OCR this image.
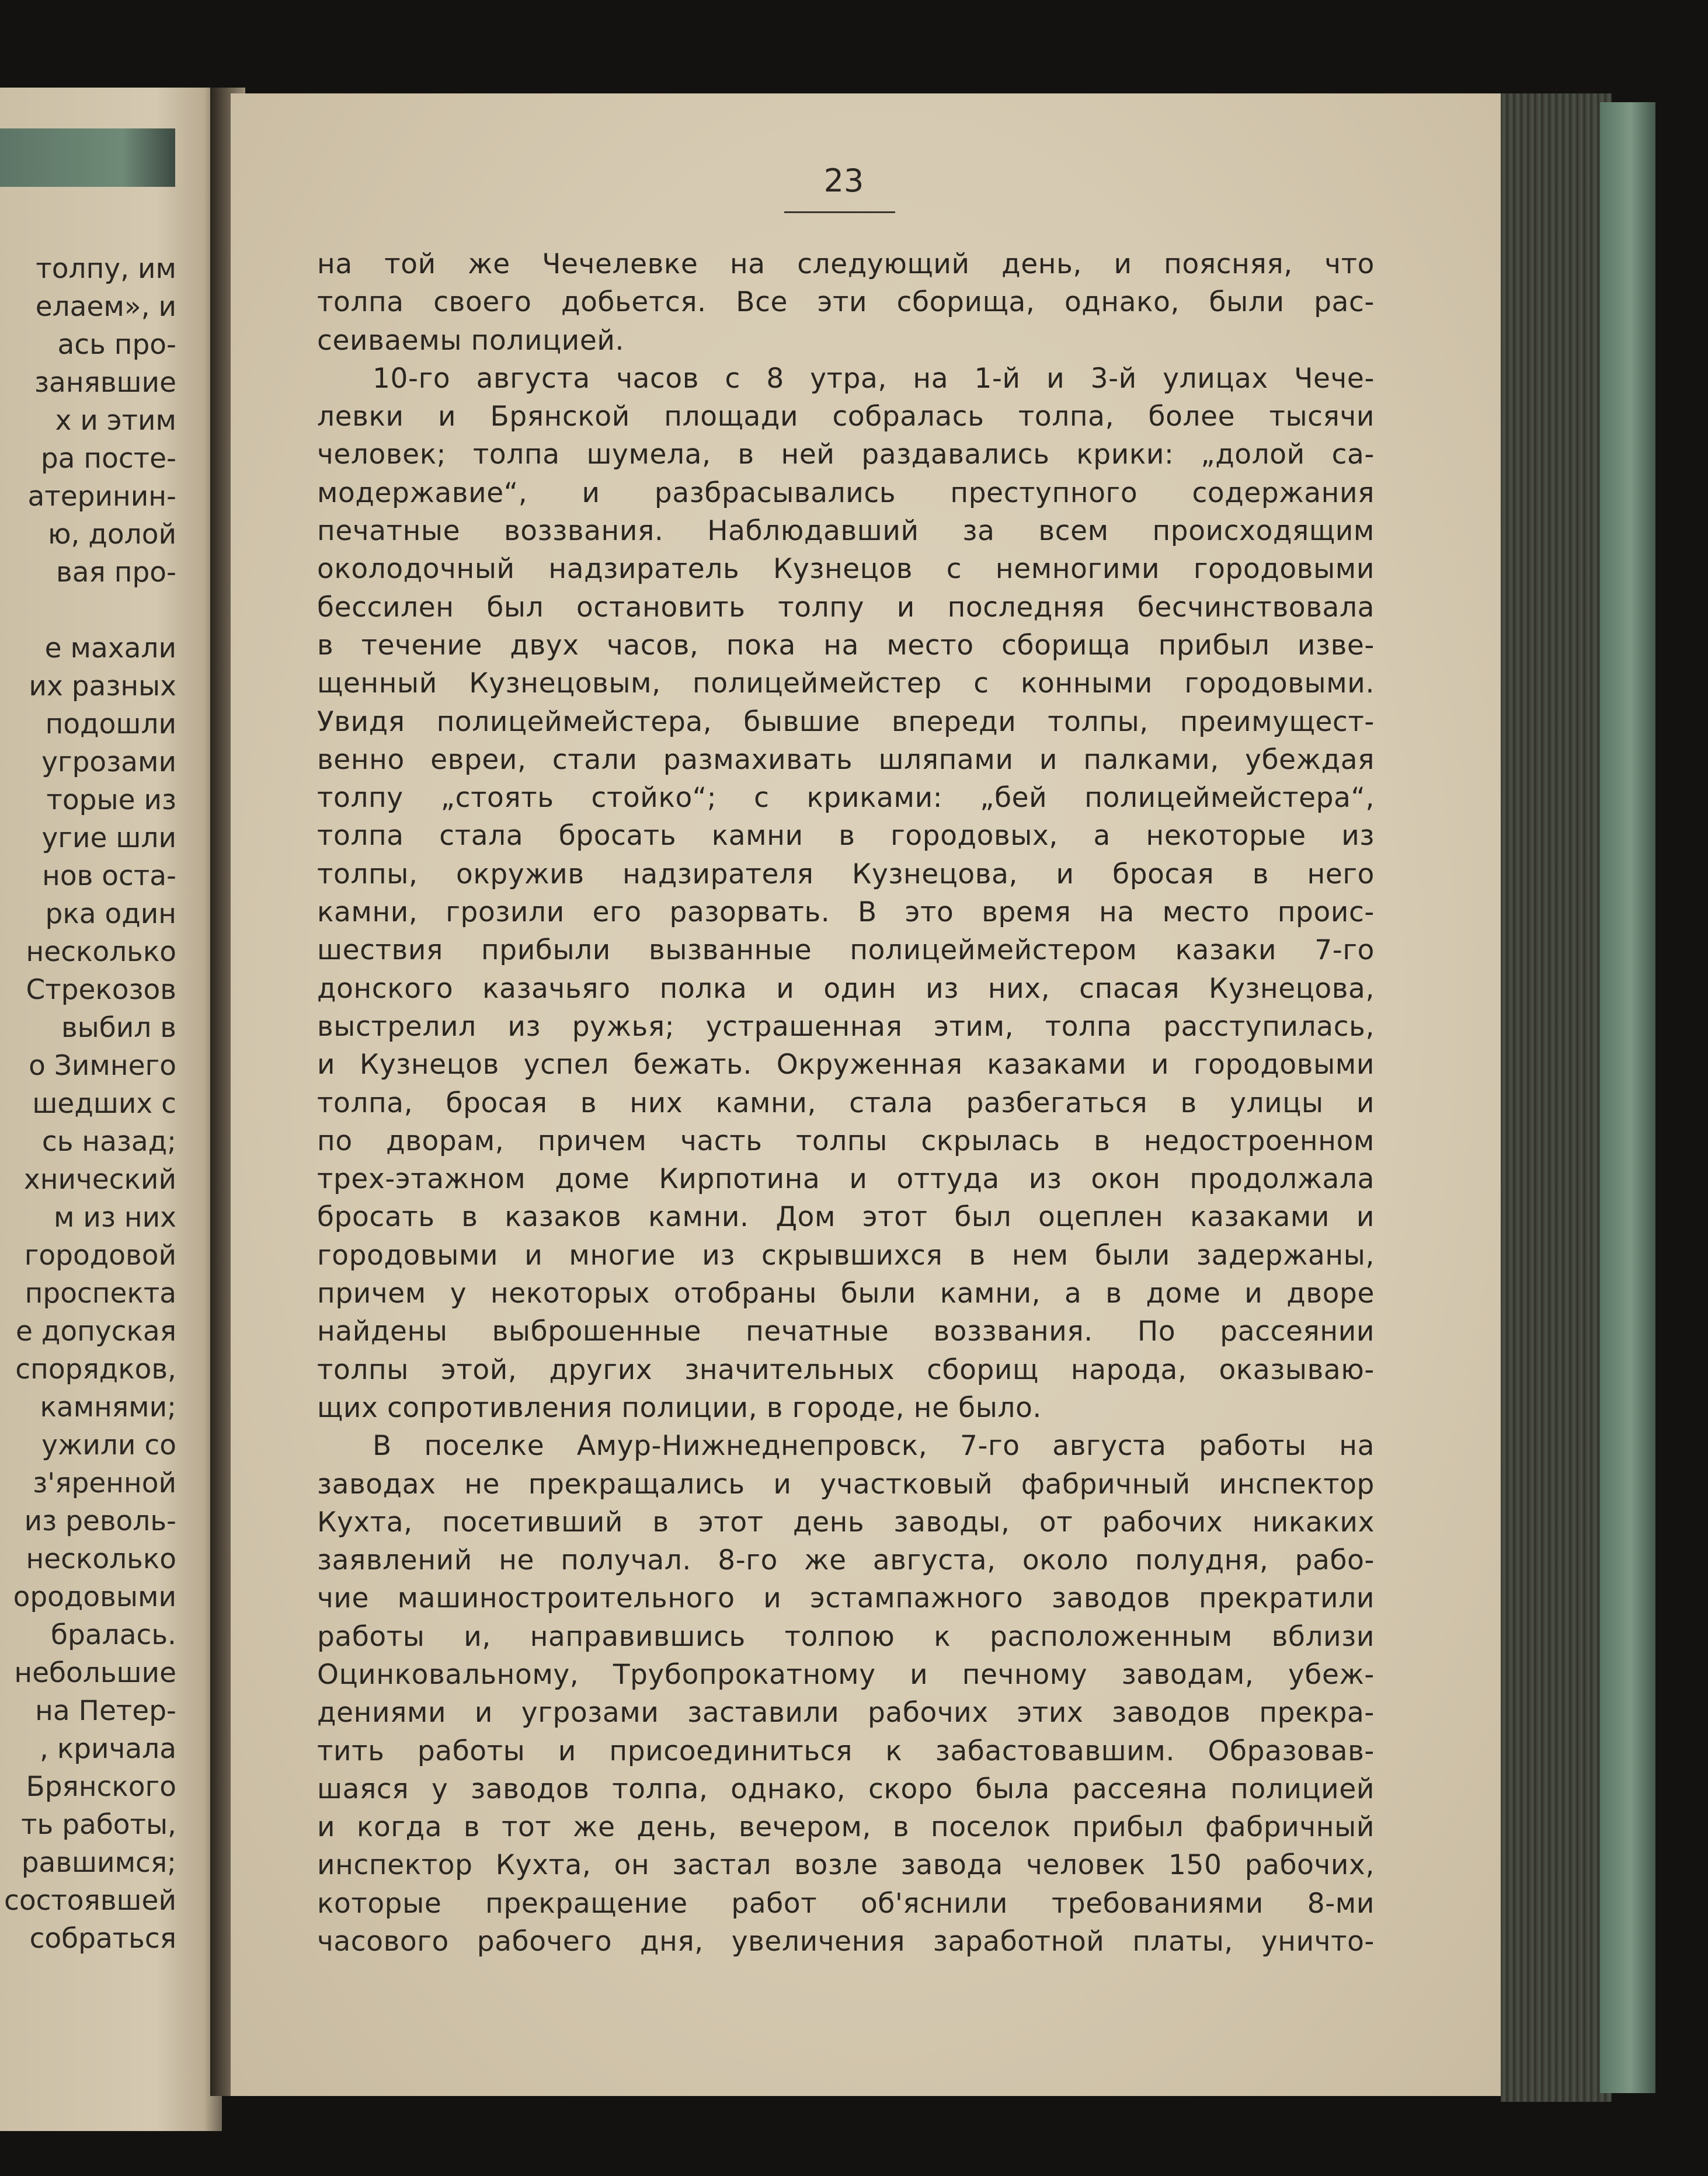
толпу, им
елаем», и
ась про-
занявшие
х и этим
ра посте-
атеринин-
ю, долой
вая про-
е махали
их разных
подошли
угрозами
торые из
угие шли
нов оста-
рка один
несколько
Стрекозов
выбил в
о Зимнего
шедших с
сь назад;
хнический
м из них
городовой
проспекта
е допуская
спорядков,
камнями;
ужили со
з'яренной
из револь-
несколько
ородовыми
бралась.
небольшие
на Петер-
, кричала
Брянского
ть работы,
равшимся;
состоявшей
собраться
23
на той же Чечелевке на следующий день, и поясняя, что
толпа своего добьется. Все эти сборища, однако, были рас-
сеиваемы полицией.
10-го августа часов с 8 утра, на 1-й и 3-й улицах Чече-
левки и Брянской площади собралась толпа, более тысячи
человек; толпа шумела, в ней раздавались крики: „долой са-
модержавие“, и разбрасывались преступного содержания
печатные воззвания. Наблюдавший за всем происходящим
околодочный надзиратель Кузнецов с немногими городовыми
бессилен был остановить толпу и последняя бесчинствовала
в течение двух часов, пока на место сборища прибыл изве-
щенный Кузнецовым, полицеймейстер с конными городовыми.
Увидя полицеймейстера, бывшие впереди толпы, преимущест-
венно евреи, стали размахивать шляпами и палками, убеждая
толпу „стоять стойко“; с криками: „бей полицеймейстера“,
толпа стала бросать камни в городовых, а некоторые из
толпы, окружив надзирателя Кузнецова, и бросая в него
камни, грозили его разорвать. В это время на место проис-
шествия прибыли вызванные полицеймейстером казаки 7-го
донского казачьяго полка и один из них, спасая Кузнецова,
выстрелил из ружья; устрашенная этим, толпа расступилась,
и Кузнецов успел бежать. Окруженная казаками и городовыми
толпа, бросая в них камни, стала разбегаться в улицы и
по дворам, причем часть толпы скрылась в недостроенном
трех-этажном доме Кирпотина и оттуда из окон продолжала
бросать в казаков камни. Дом этот был оцеплен казаками и
городовыми и многие из скрывшихся в нем были задержаны,
причем у некоторых отобраны были камни, а в доме и дворе
найдены выброшенные печатные воззвания. По рассеянии
толпы этой, других значительных сборищ народа, оказываю-
щих сопротивления полиции, в городе, не было.
В поселке Амур-Нижнеднепровск, 7-го августа работы на
заводах не прекращались и участковый фабричный инспектор
Кухта, посетивший в этот день заводы, от рабочих никаких
заявлений не получал. 8-го же августа, около полудня, рабо-
чие машиностроительного и эстампажного заводов прекратили
работы и, направившись толпою к расположенным вблизи
Оцинковальному, Трубопрокатному и печному заводам, убеж-
дениями и угрозами заставили рабочих этих заводов прекра-
тить работы и присоединиться к забастовавшим. Образовав-
шаяся у заводов толпа, однако, скоро была рассеяна полицией
и когда в тот же день, вечером, в поселок прибыл фабричный
инспектор Кухта, он застал возле завода человек 150 рабочих,
которые прекращение работ об'яснили требованиями 8-ми
часового рабочего дня, увеличения заработной платы, уничто-
